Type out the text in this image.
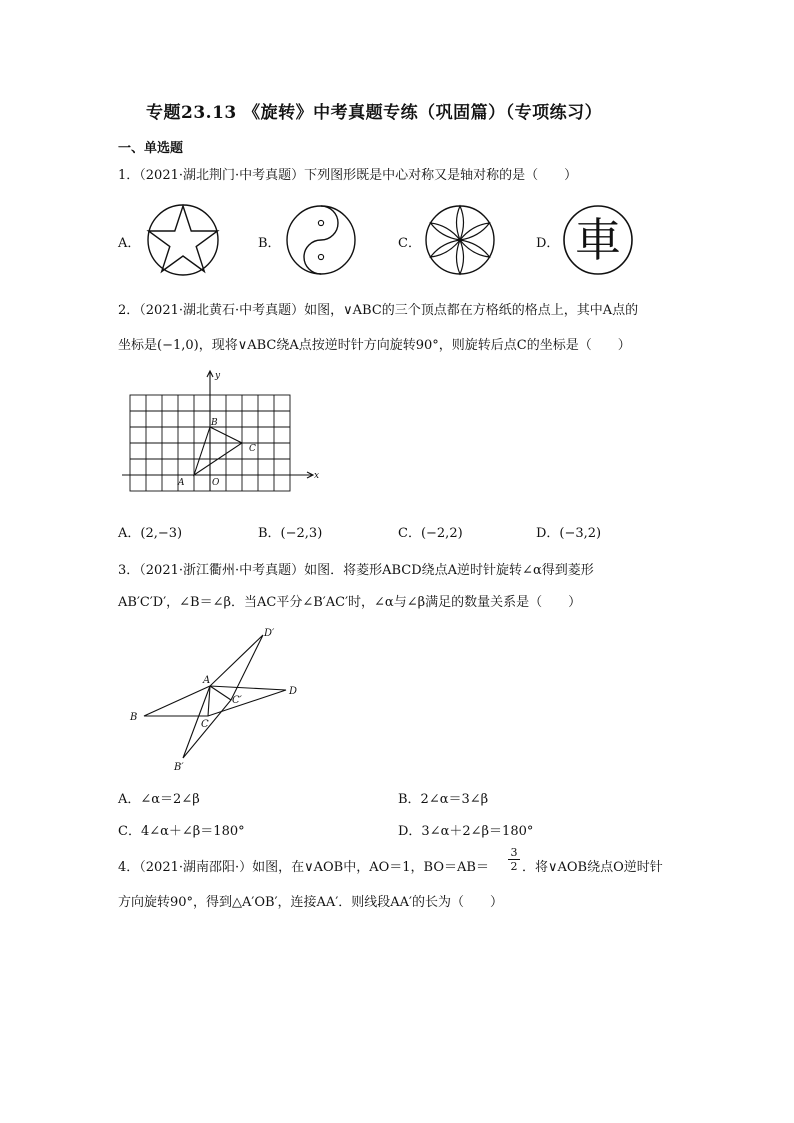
专题23.13 《旋转》中考真题专练（巩固篇）（专项练习）
一、单选题
1．（2021·湖北荆门·中考真题）下列图形既是中心对称又是轴对称的是（　　）
A．	B．	C．	D． 車
2．（2021·湖北黄石·中考真题）如图，∨ABC的三个顶点都在方格纸的格点上，其中A点的
坐标是(−1,0)，现将∨ABC绕A点按逆时针方向旋转90°，则旋转后点C的坐标是（　　）
y
x
A	O
B
C
A．(2,−3)	B．(−2,3)	C．(−2,2)	D．(−3,2)
3．（2021·浙江衢州·中考真题）如图．将菱形ABCD绕点A逆时针旋转∠α得到菱形
AB′C′D′，∠B＝∠β．当AC平分∠B′AC′时，∠α与∠β满足的数量关系是（　　）
D′
A
D
C′
B
C
B′
A．∠α＝2∠β	B．2∠α＝3∠β
C．4∠α＋∠β＝180°	D．3∠α＋2∠β＝180°
4．（2021·湖南邵阳·）如图，在∨AOB中，AO＝1，BO＝AB＝
3
2 ．将∨AOB绕点O逆时针
方向旋转90°，得到△A′OB′，连接AA′．则线段AA′的长为（　　）
